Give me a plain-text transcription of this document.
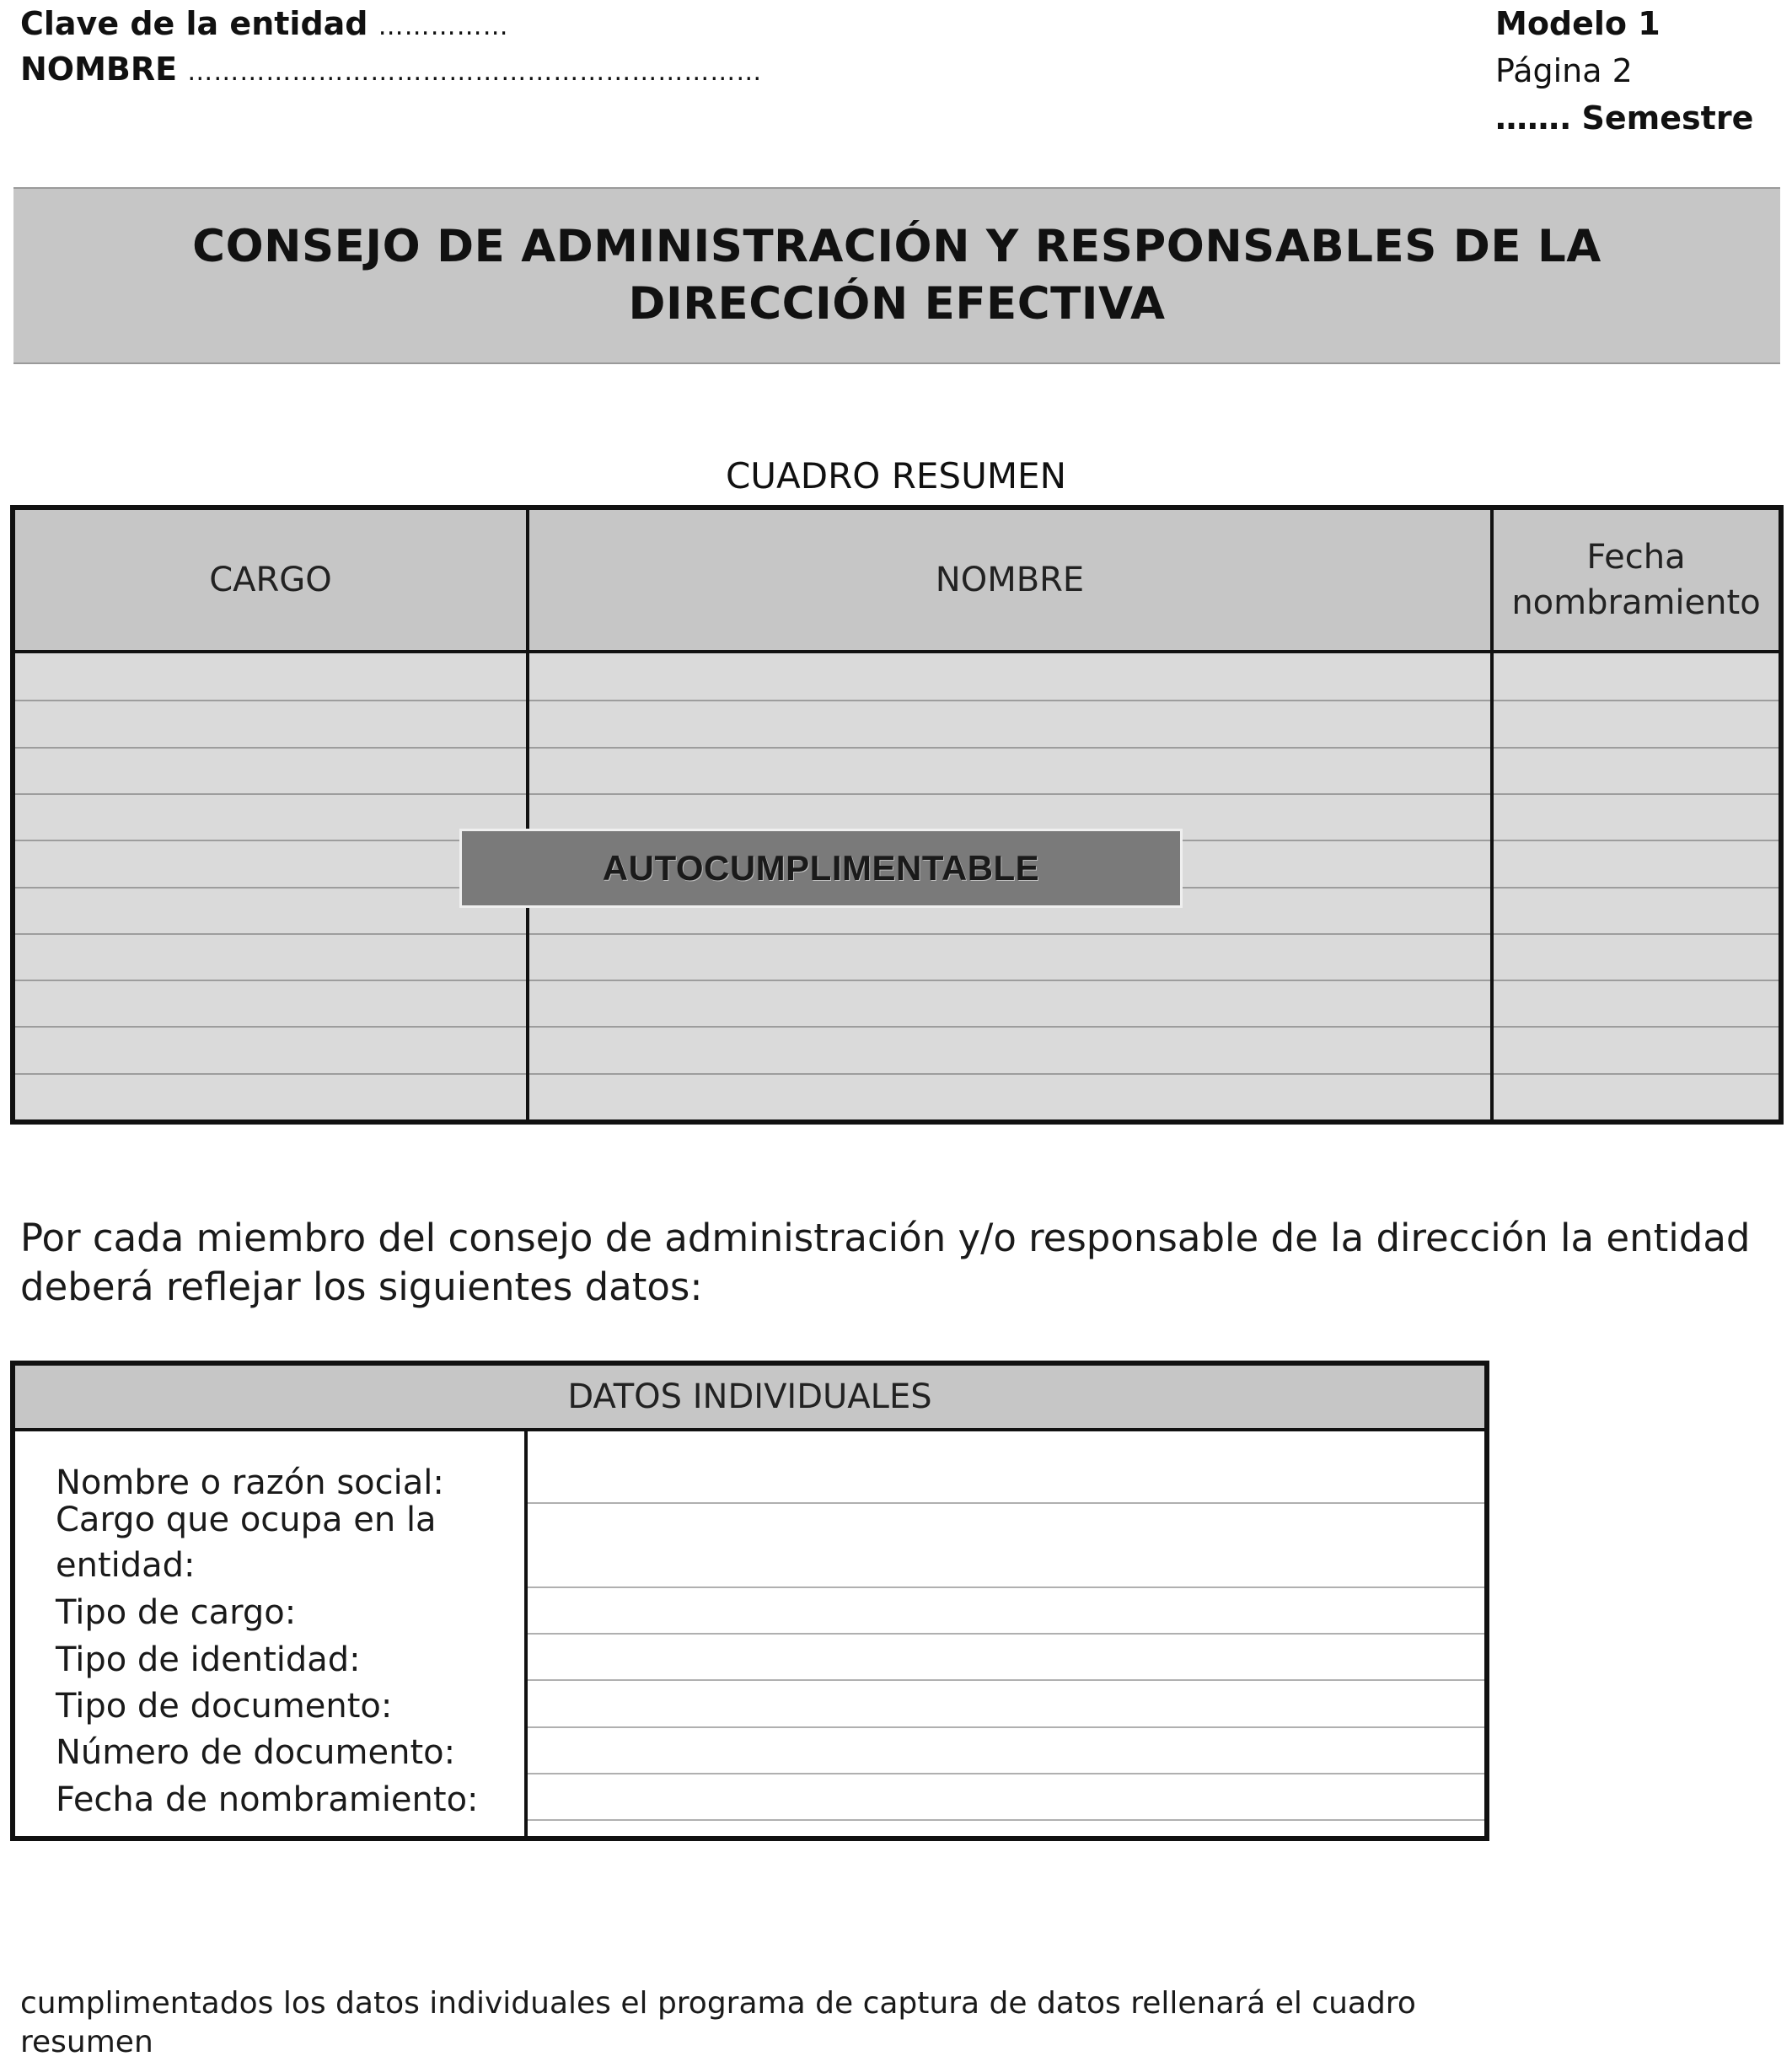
Clave de la entidad ……………
NOMBRE …………………………………………………………
Modelo 1
Página 2
……. Semestre
CONSEJO DE ADMINISTRACIÓN Y RESPONSABLES DE LA
DIRECCIÓN EFECTIVA
CUADRO RESUMEN
CARGO	NOMBRE
Fecha nombramiento
AUTOCUMPLIMENTABLE
Por cada miembro del consejo de administración y/o responsable de la dirección la entidad deberá reflejar los siguientes datos:
DATOS INDIVIDUALES
Nombre o razón social:
Cargo que ocupa en la entidad:
Tipo de cargo:
Tipo de identidad:
Tipo de documento:
Número de documento:
Fecha de nombramiento:
cumplimentados los datos individuales el programa de captura de datos rellenará el cuadro resumen
